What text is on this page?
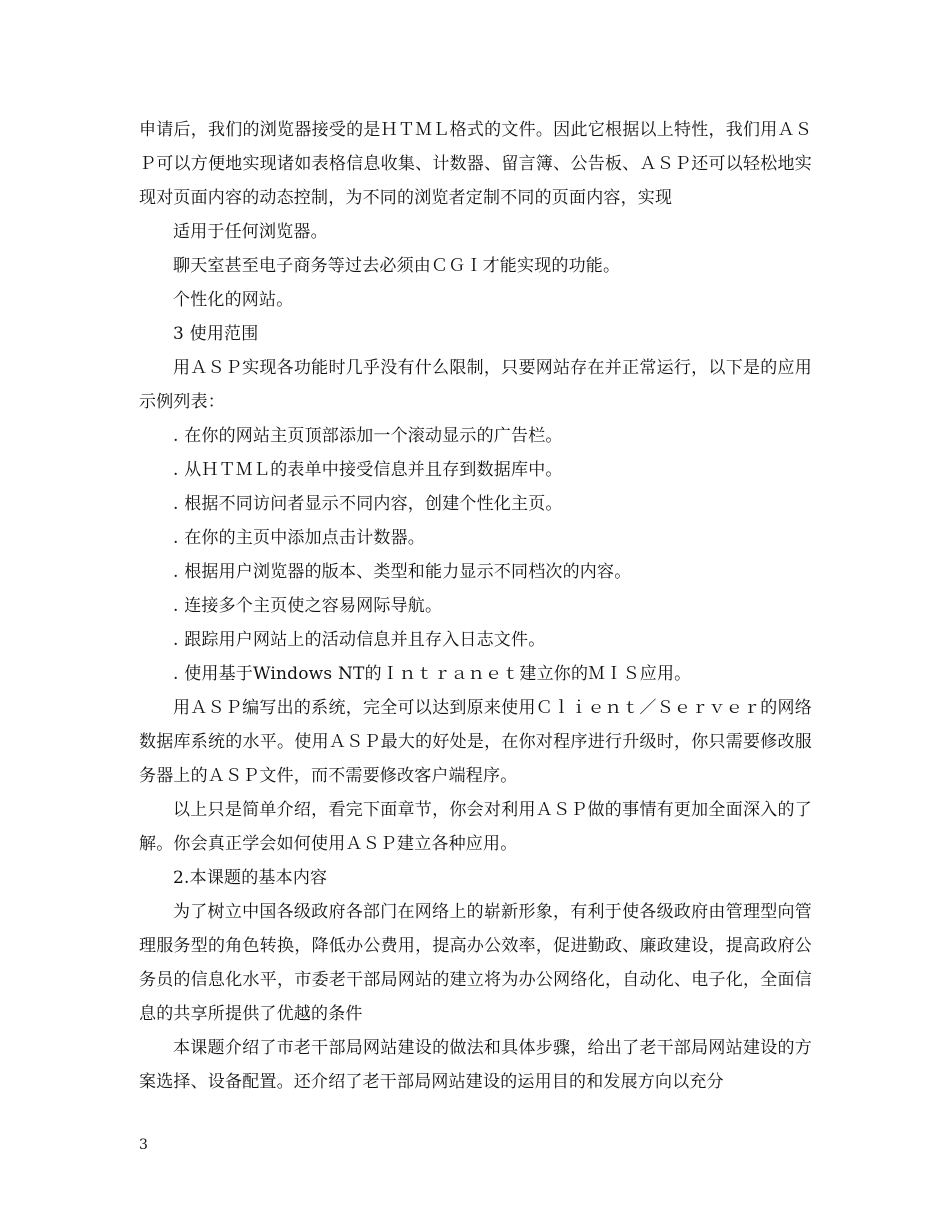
申请后，我们的浏览器接受的是ＨＴＭＬ格式的文件。因此它根据以上特性，我们用ＡＳＰ可以方便地实现诸如表格信息收集、计数器、留言簿、公告板、ＡＳＰ还可以轻松地实现对页面内容的动态控制，为不同的浏览者定制不同的页面内容，实现

适用于任何浏览器。

聊天室甚至电子商务等过去必须由ＣＧＩ才能实现的功能。

个性化的网站。

3 使用范围

用ＡＳＰ实现各功能时几乎没有什么限制，只要网站存在并正常运行，以下是的应用示例列表：

. 在你的网站主页顶部添加一个滚动显示的广告栏。

. 从ＨＴＭＬ的表单中接受信息并且存到数据库中。

. 根据不同访问者显示不同内容，创建个性化主页。

. 在你的主页中添加点击计数器。

. 根据用户浏览器的版本、类型和能力显示不同档次的内容。

. 连接多个主页使之容易网际导航。

. 跟踪用户网站上的活动信息并且存入日志文件。

. 使用基于Windows NT的Ｉｎｔｒａｎｅｔ建立你的ＭＩＳ应用。

用ＡＳＰ编写出的系统，完全可以达到原来使用Ｃｌｉｅｎｔ／Ｓｅｒｖｅｒ的网络数据库系统的水平。使用ＡＳＰ最大的好处是，在你对程序进行升级时，你只需要修改服务器上的ＡＳＰ文件，而不需要修改客户端程序。

以上只是简单介绍，看完下面章节，你会对利用ＡＳＰ做的事情有更加全面深入的了解。你会真正学会如何使用ＡＳＰ建立各种应用。

2.本课题的基本内容

为了树立中国各级政府各部门在网络上的崭新形象，有利于使各级政府由管理型向管理服务型的角色转换，降低办公费用，提高办公效率，促进勤政、廉政建设，提高政府公务员的信息化水平，市委老干部局网站的建立将为办公网络化，自动化、电子化，全面信息的共享所提供了优越的条件

本课题介绍了市老干部局网站建设的做法和具体步骤，给出了老干部局网站建设的方案选择、设备配置。还介绍了老干部局网站建设的运用目的和发展方向以充分

3
